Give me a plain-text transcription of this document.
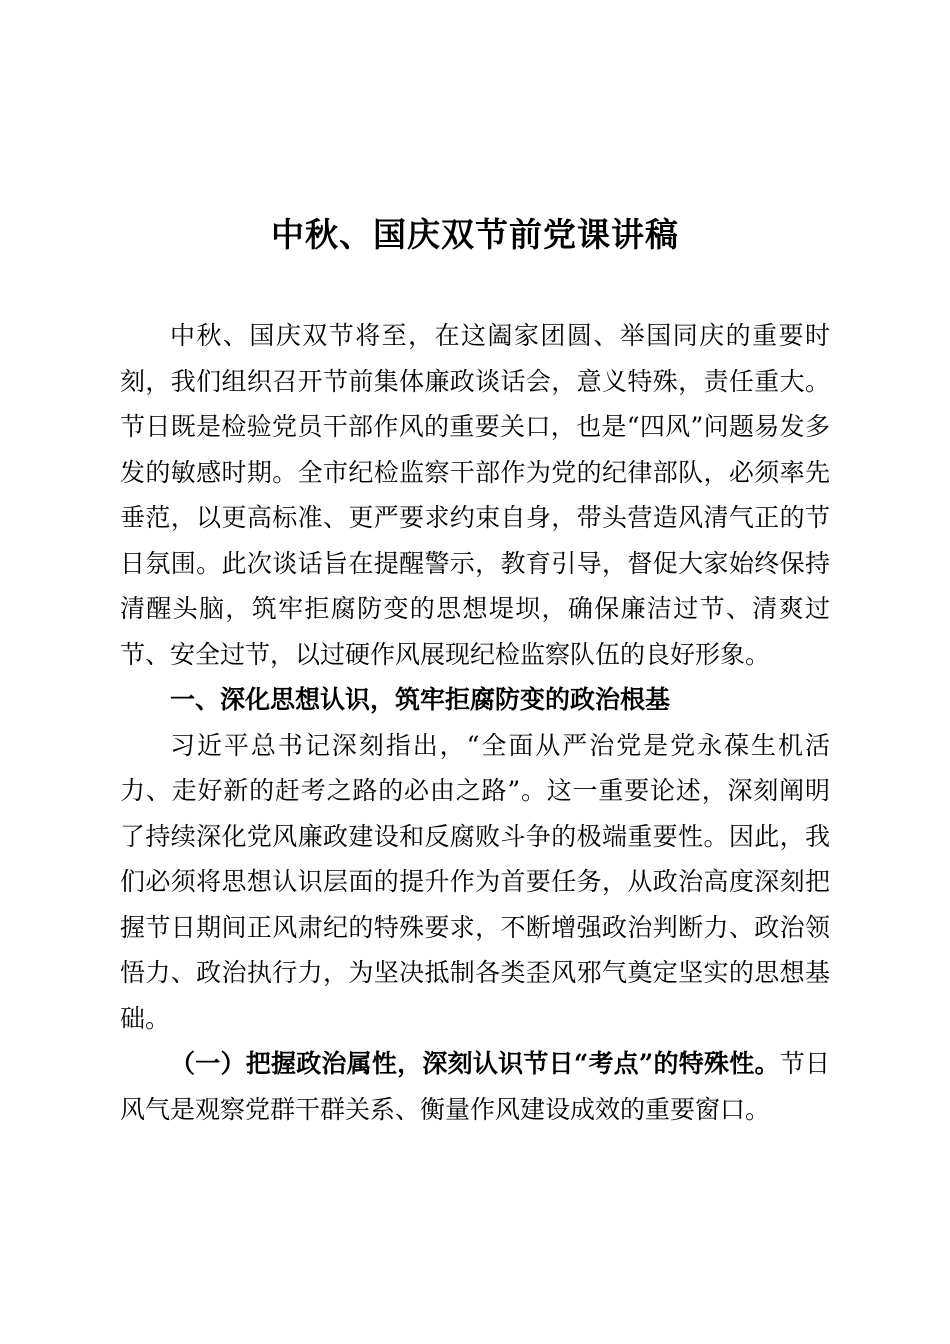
中秋、国庆双节前党课讲稿

中秋、国庆双节将至，在这阖家团圆、举国同庆的重要时刻，我们组织召开节前集体廉政谈话会，意义特殊，责任重大。节日既是检验党员干部作风的重要关口，也是“四风”问题易发多发的敏感时期。全市纪检监察干部作为党的纪律部队，必须率先垂范，以更高标准、更严要求约束自身，带头营造风清气正的节日氛围。此次谈话旨在提醒警示，教育引导，督促大家始终保持清醒头脑，筑牢拒腐防变的思想堤坝，确保廉洁过节、清爽过节、安全过节，以过硬作风展现纪检监察队伍的良好形象。

一、深化思想认识，筑牢拒腐防变的政治根基

习近平总书记深刻指出，“全面从严治党是党永葆生机活力、走好新的赶考之路的必由之路”。这一重要论述，深刻阐明了持续深化党风廉政建设和反腐败斗争的极端重要性。因此，我们必须将思想认识层面的提升作为首要任务，从政治高度深刻把握节日期间正风肃纪的特殊要求，不断增强政治判断力、政治领悟力、政治执行力，为坚决抵制各类歪风邪气奠定坚实的思想基础。

（一）把握政治属性，深刻认识节日“考点”的特殊性。节日风气是观察党群干群关系、衡量作风建设成效的重要窗口。
